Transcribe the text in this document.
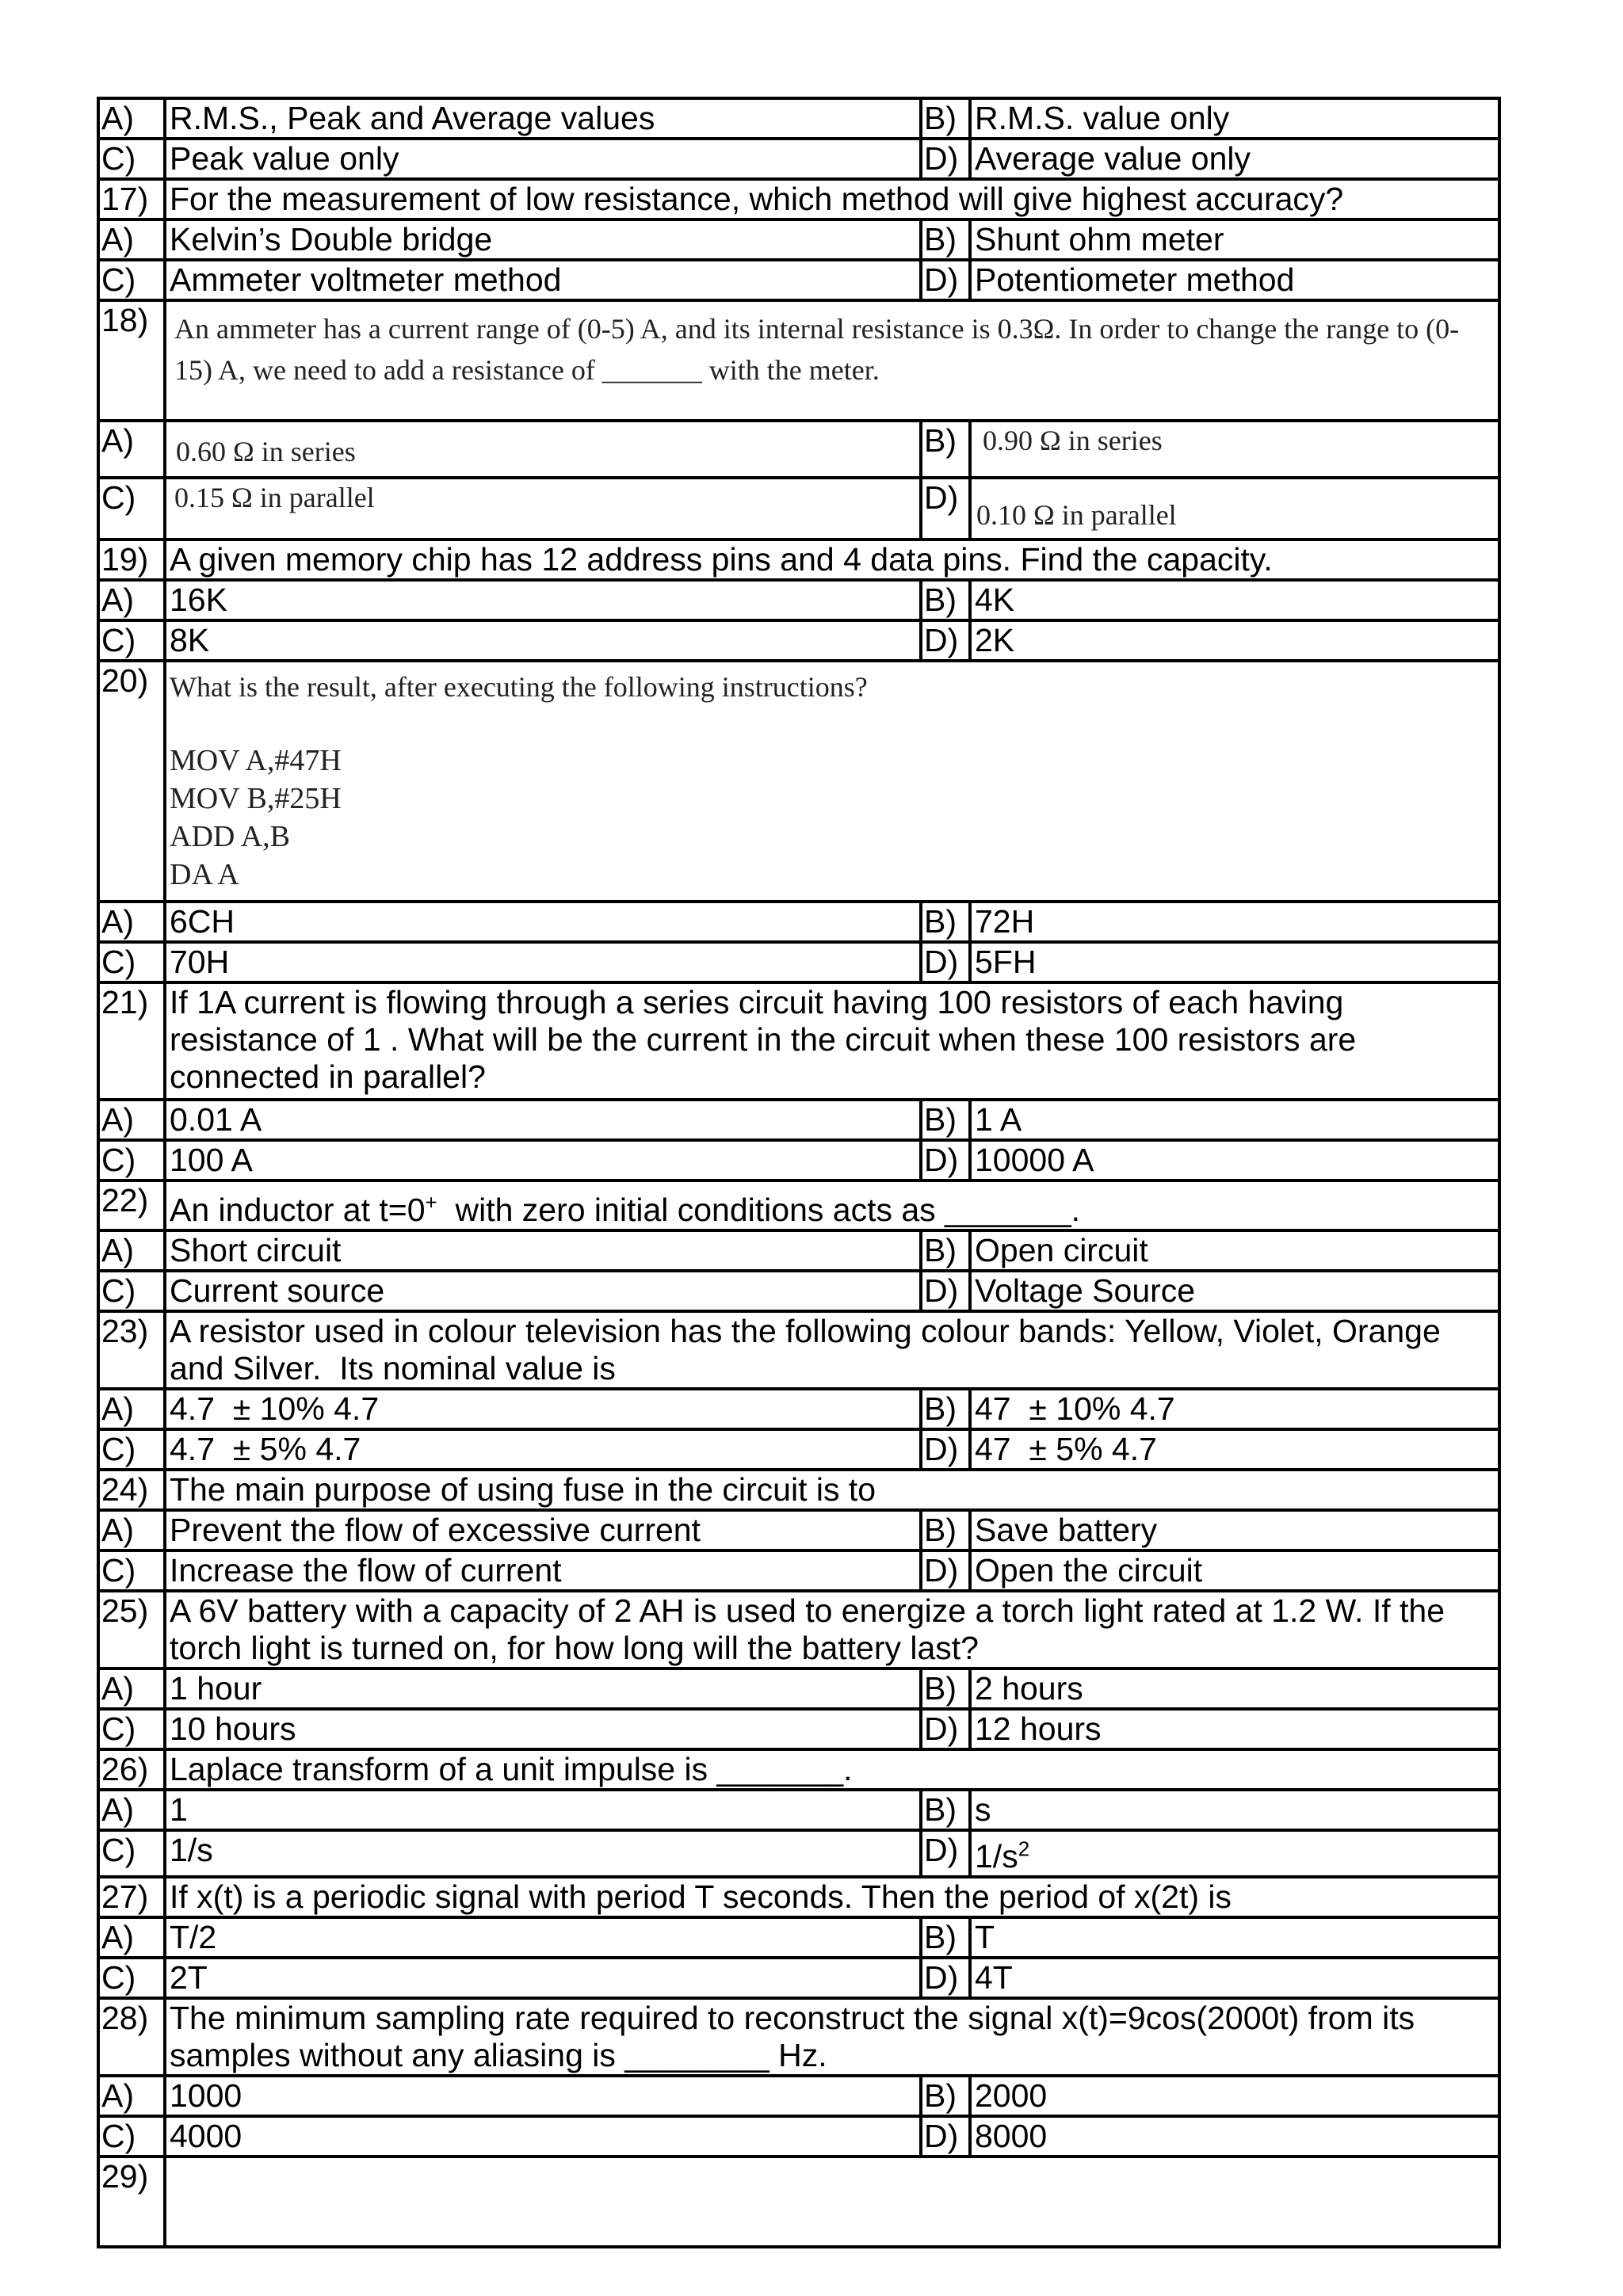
A)	R.M.S., Peak and Average values	B)	R.M.S. value only
C)	Peak value only	D)	Average value only
17)	For the measurement of low resistance, which method will give highest accuracy?		
A)	Kelvin’s Double bridge	B)	Shunt ohm meter
C)	Ammeter voltmeter method	D)	Potentiometer method
18)	An ammeter has a current range of (0-5) A, and its internal resistance is 0.3Ω. In order to change the range to (0-15) A, we need to add a resistance of _______ with the meter.		
A)	0.60 Ω in series	B)	0.90 Ω in series
C)	0.15 Ω in parallel	D)	0.10 Ω in parallel
19)	A given memory chip has 12 address pins and 4 data pins. Find the capacity.		
A)	16K	B)	4K
C)	8K	D)	2K
20)	What is the result, after executing the following instructions?
MOV A,#47H
MOV B,#25H
ADD A,B
DA A		

A)	6CH	B)	72H
C)	70H	D)	5FH
21)	If 1A current is flowing through a series circuit having 100 resistors of each having resistance of 1 . What will be the current in the circuit when these 100 resistors are connected in parallel?		
A)	0.01 A	B)	1 A
C)	100 A	D)	10000 A
22)	An inductor at t=0+  with zero initial conditions acts as _______.		
A)	Short circuit	B)	Open circuit
C)	Current source	D)	Voltage Source
23)	A resistor used in colour television has the following colour bands: Yellow, Violet, Orange and Silver.  Its nominal value is		
A)	4.7  ± 10% 4.7	B)	47  ± 10% 4.7
C)	4.7  ± 5% 4.7	D)	47  ± 5% 4.7
24)	The main purpose of using fuse in the circuit is to		
A)	Prevent the flow of excessive current	B)	Save battery
C)	Increase the flow of current	D)	Open the circuit
25)	A 6V battery with a capacity of 2 AH is used to energize a torch light rated at 1.2 W. If the torch light is turned on, for how long will the battery last?		
A)	1 hour	B)	2 hours
C)	10 hours	D)	12 hours
26)	Laplace transform of a unit impulse is _______.		
A)	1	B)	s
C)	1/s	D)	$1/s^2$
27)	If x(t) is a periodic signal with period T seconds. Then the period of x(2t) is		
A)	T/2	B)	T
C)	2T	D)	4T
28)	The minimum sampling rate required to reconstruct the signal x(t)=9cos(2000t) from its samples without any aliasing is ________ Hz.		
A)	1000	B)	2000
C)	4000	D)	8000
29)			
